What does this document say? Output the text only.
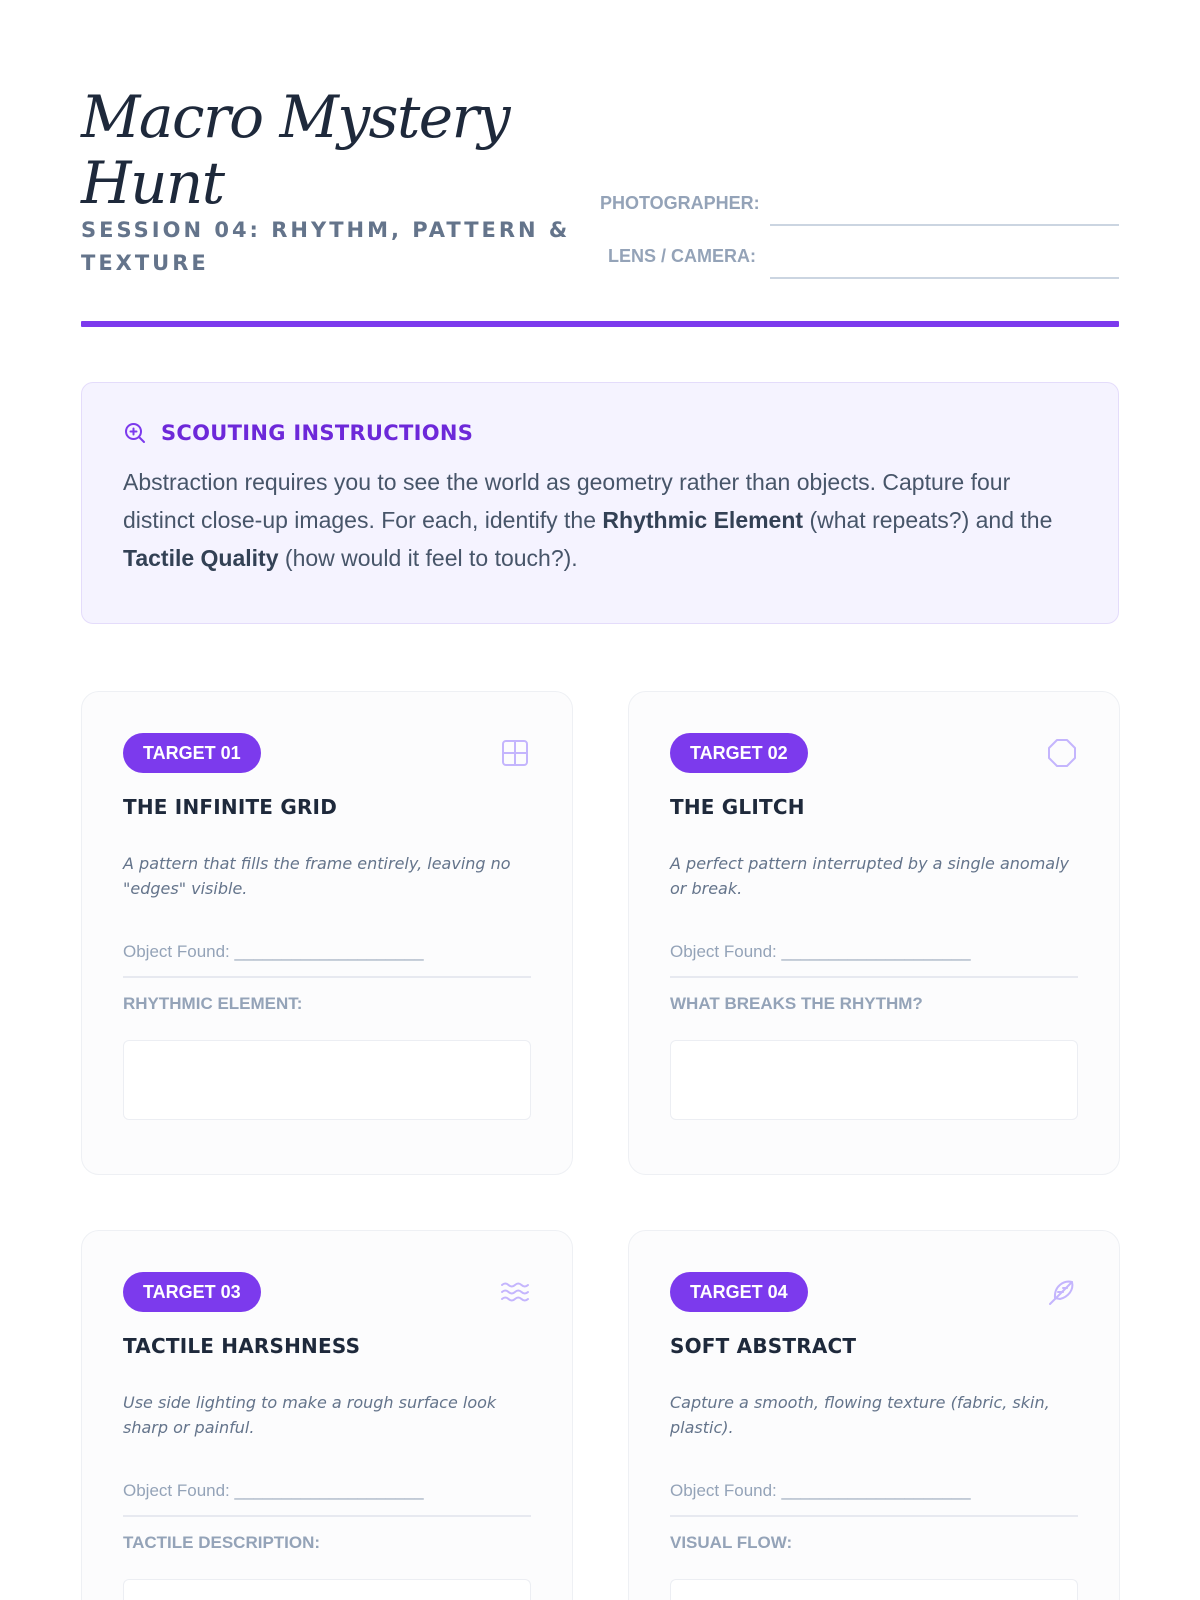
Macro Mystery Hunt
SESSION 04: RHYTHM, PATTERN & TEXTURE
PHOTOGRAPHER:
LENS / CAMERA:
SCOUTING INSTRUCTIONS

Abstraction requires you to see the world as geometry rather than objects. Capture four distinct close-up images. For each, identify the Rhythmic Element (what repeats?) and the Tactile Quality (how would it feel to touch?).

TARGET 01
THE INFINITE GRID

A pattern that fills the frame entirely, leaving no "edges" visible.

Object Found: ____________________
RHYTHMIC ELEMENT:
TARGET 02
THE GLITCH

A perfect pattern interrupted by a single anomaly or break.

Object Found: ____________________
WHAT BREAKS THE RHYTHM?
TARGET 03
TACTILE HARSHNESS

Use side lighting to make a rough surface look sharp or painful.

Object Found: ____________________
TACTILE DESCRIPTION:
TARGET 04
SOFT ABSTRACT

Capture a smooth, flowing texture (fabric, skin, plastic).

Object Found: ____________________
VISUAL FLOW:
